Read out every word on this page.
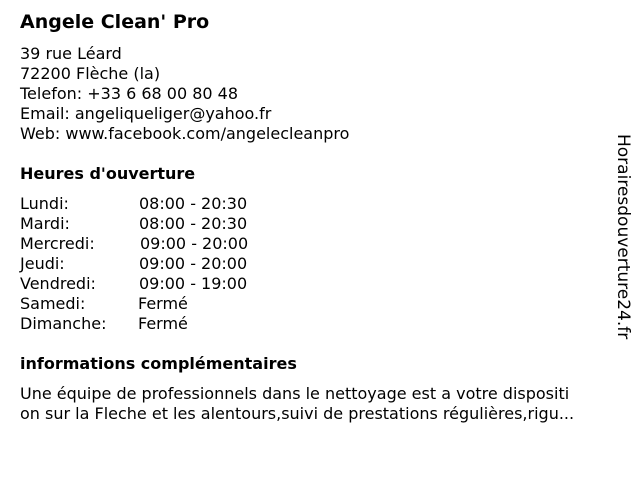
Angele Clean' Pro
39 rue Léard
72200 Flèche (la)
Telefon: +33 6 68 00 80 48
Email: angeliqueliger@yahoo.fr
Web: www.facebook.com/angelecleanpro
Heures d'ouverture
Lundi:	08:00 - 20:30
Mardi:	08:00 - 20:30
Mercredi:	09:00 - 20:00
Jeudi:	09:00 - 20:00
Vendredi:	09:00 - 19:00
Samedi:	Fermé
Dimanche: Fermé
informations complémentaires
Une équipe de professionnels dans le nettoyage est a votre dispositi
on sur la Fleche et les alentours,suivi de prestations régulières,rigu...
Horairesdouverture24.fr
